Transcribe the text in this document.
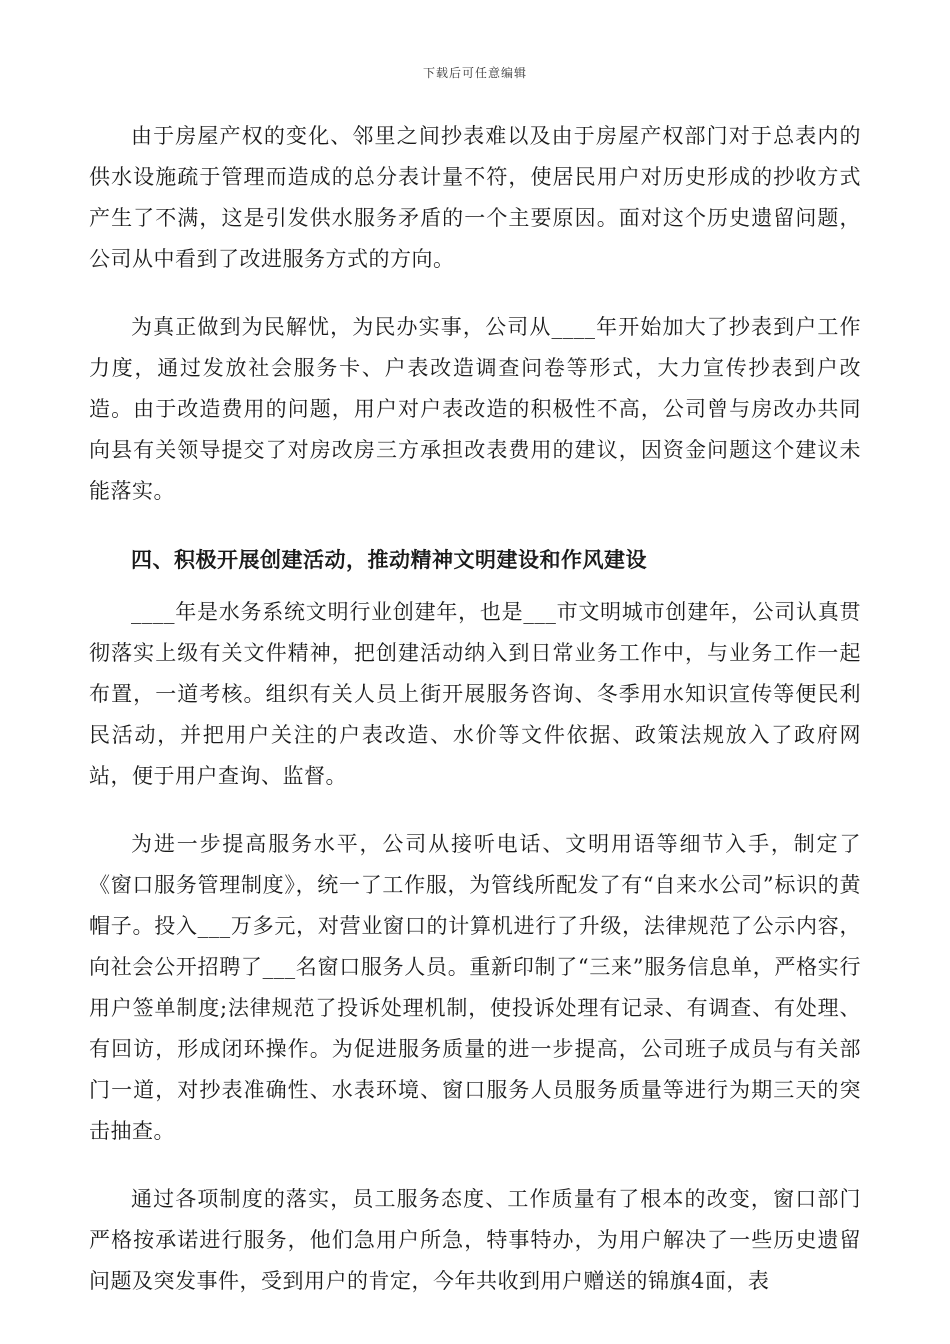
下载后可任意编辑

由于房屋产权的变化、邻里之间抄表难以及由于房屋产权部门对于总表内的供水设施疏于管理而造成的总分表计量不符，使居民用户对历史形成的抄收方式产生了不满，这是引发供水服务矛盾的一个主要原因。面对这个历史遗留问题，公司从中看到了改进服务方式的方向。

为真正做到为民解忧，为民办实事，公司从____年开始加大了抄表到户工作力度，通过发放社会服务卡、户表改造调查问卷等形式，大力宣传抄表到户改造。由于改造费用的问题，用户对户表改造的积极性不高，公司曾与房改办共同向县有关领导提交了对房改房三方承担改表费用的建议，因资金问题这个建议未能落实。

四、积极开展创建活动，推动精神文明建设和作风建设

____年是水务系统文明行业创建年，也是___市文明城市创建年，公司认真贯彻落实上级有关文件精神，把创建活动纳入到日常业务工作中，与业务工作一起布置，一道考核。组织有关人员上街开展服务咨询、冬季用水知识宣传等便民利民活动，并把用户关注的户表改造、水价等文件依据、政策法规放入了政府网站，便于用户查询、监督。

为进一步提高服务水平，公司从接听电话、文明用语等细节入手，制定了《窗口服务管理制度》，统一了工作服，为管线所配发了有“自来水公司”标识的黄帽子。投入___万多元，对营业窗口的计算机进行了升级，法律规范了公示内容，向社会公开招聘了___名窗口服务人员。重新印制了“三来”服务信息单，严格实行用户签单制度;法律规范了投诉处理机制，使投诉处理有记录、有调查、有处理、有回访，形成闭环操作。为促进服务质量的进一步提高，公司班子成员与有关部门一道，对抄表准确性、水表环境、窗口服务人员服务质量等进行为期三天的突击抽查。

通过各项制度的落实，员工服务态度、工作质量有了根本的改变，窗口部门严格按承诺进行服务，他们急用户所急，特事特办，为用户解决了一些历史遗留问题及突发事件，受到用户的肯定，今年共收到用户赠送的锦旗4面，表
